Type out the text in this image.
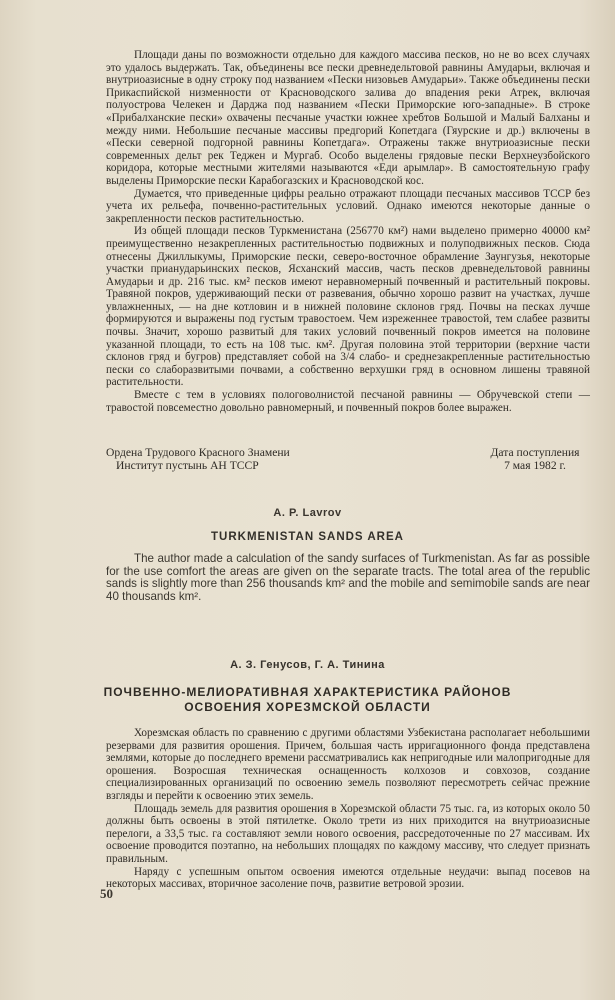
Площади даны по возможности отдельно для каждого массива песков, но не во всех случаях это удалось выдержать. Так, объединены все пески древнедельтовой равнины Амударьи, включая и внутриоазисные в одну строку под названием «Пески низовьев Амударьи». Также объединены пески Прикаспийской низменности от Красноводского залива до впадения реки Атрек, включая полуострова Челекен и Дарджа под названием «Пески Приморские юго-западные». В строке «Прибалханские пески» охвачены песчаные участки южнее хребтов Большой и Малый Балханы и между ними. Небольшие песчаные массивы предгорий Копетдага (Гяурские и др.) включены в «Пески северной подгорной равнины Копетдага». Отражены также внутриоазисные пески современных дельт рек Теджен и Мургаб. Особо выделены грядовые пески Верхнеузбойского коридора, которые местными жителями называются «Еди арымлар». В самостоятельную графу выделены Приморские пески Карабогазских и Красноводской кос.

Думается, что приведенные цифры реально отражают площади песчаных массивов ТССР без учета их рельефа, почвенно-растительных условий. Однако имеются некоторые данные о закрепленности песков растительностью.

Из общей площади песков Туркменистана (256770 км²) нами выделено примерно 40000 км² преимущественно незакрепленных растительностью подвижных и полуподвижных песков. Сюда отнесены Джиллыкумы, Приморские пески, северо-восточное обрамление Заунгузья, некоторые участки прианударьинских песков, Ясханский массив, часть песков древнедельтовой равнины Амударьи и др. 216 тыс. км² песков имеют неравномерный почвенный и растительный покровы. Травяной покров, удерживающий пески от развевания, обычно хорошо развит на участках, лучше увлажненных, — на дне котловин и в нижней половине склонов гряд. Почвы на песках лучше формируются и выражены под густым травостоем. Чем изреженнее травостой, тем слабее развиты почвы. Значит, хорошо развитый для таких условий почвенный покров имеется на половине указанной площади, то есть на 108 тыс. км². Другая половина этой территории (верхние части склонов гряд и бугров) представляет собой на 3/4 слабо- и среднезакрепленные растительностью пески со слаборазвитыми почвами, а собственно верхушки гряд в основном лишены травяной растительности.

Вместе с тем в условиях пологоволнистой песчаной равнины — Обручевской степи — травостой повсеместно довольно равномерный, и почвенный покров более выражен.

Ордена Трудового Красного Знамени
Институт пустынь АН ТССР
Дата поступления
7 мая 1982 г.
A. P. Lavrov
TURKMENISTAN SANDS AREA

The author made a calculation of the sandy surfaces of Turkmenistan. As far as possible for the use comfort the areas are given on the separate tracts. The total area of the republic sands is slightly more than 256 thousands km² and the mobile and semimobile sands are near 40 thousands km².

А. З. Генусов, Г. А. Тинина
ПОЧВЕННО-МЕЛИОРАТИВНАЯ ХАРАКТЕРИСТИКА РАЙОНОВ
ОСВОЕНИЯ ХОРЕЗМСКОЙ ОБЛАСТИ

Хорезмская область по сравнению с другими областями Узбекистана располагает небольшими резервами для развития орошения. Причем, большая часть ирригационного фонда представлена землями, которые до последнего времени рассматривались как непригодные или малопригодные для орошения. Возросшая техническая оснащенность колхозов и совхозов, создание специализированных организаций по освоению земель позволяют пересмотреть сейчас прежние взгляды и перейти к освоению этих земель.

Площадь земель для развития орошения в Хорезмской области 75 тыс. га, из которых около 50 должны быть освоены в этой пятилетке. Около трети из них приходится на внутриоазисные перелоги, а 33,5 тыс. га составляют земли нового освоения, рассредоточенные по 27 массивам. Их освоение проводится поэтапно, на небольших площадях по каждому массиву, что следует признать правильным.

Наряду с успешным опытом освоения имеются отдельные неудачи: выпад посевов на некоторых массивах, вторичное засоление почв, развитие ветровой эрозии.

50
